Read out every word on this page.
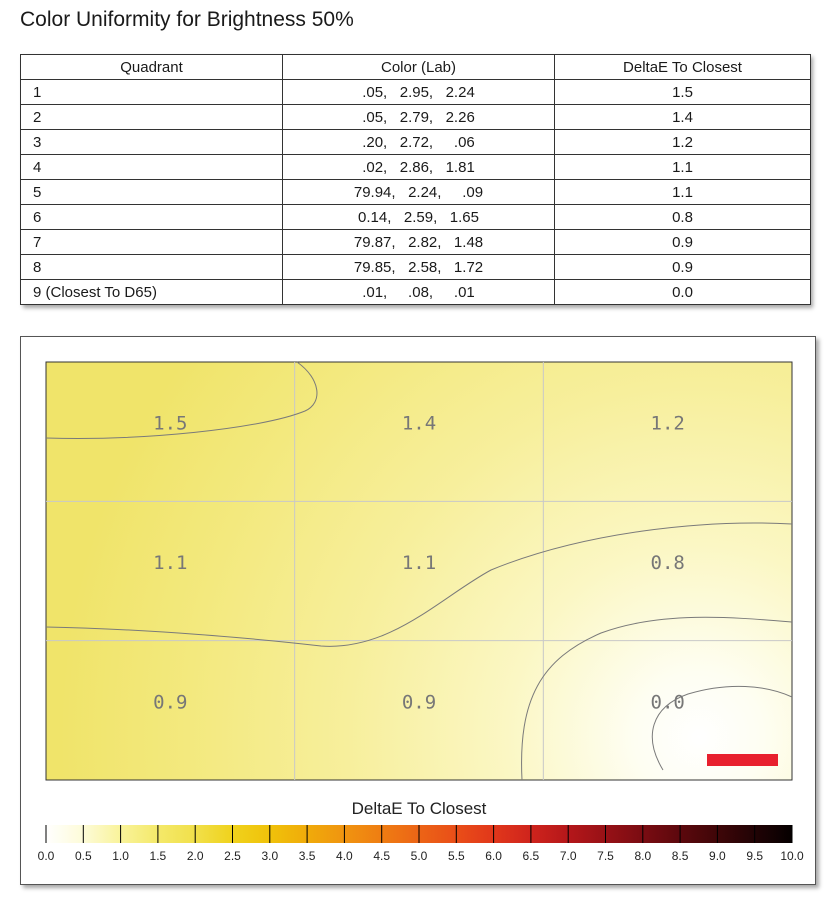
Color Uniformity for Brightness 50%
Quadrant	Color (Lab)	DeltaE To Closest
1	.05,   2.95,   2.24	1.5
2	.05,   2.79,   2.26	1.4
3	.20,   2.72,     .06	1.2
4	.02,   2.86,   1.81	1.1
5	79.94,   2.24,     .09	1.1
6	0.14,   2.59,   1.65	0.8
7	79.87,   2.82,   1.48	0.9
8	79.85,   2.58,   1.72	0.9
9 (Closest To D65)	.01,     .08,     .01	0.0
1.5	1.4	1.2
1.1	1.1	0.8
0.9	0.9	0.0
DeltaE To Closest
0.0 0.5 1.0 1.5 2.0 2.5 3.0 3.5 4.0 4.5 5.0 5.5 6.0 6.5 7.0 7.5 8.0 8.5 9.0 9.5 10.0
